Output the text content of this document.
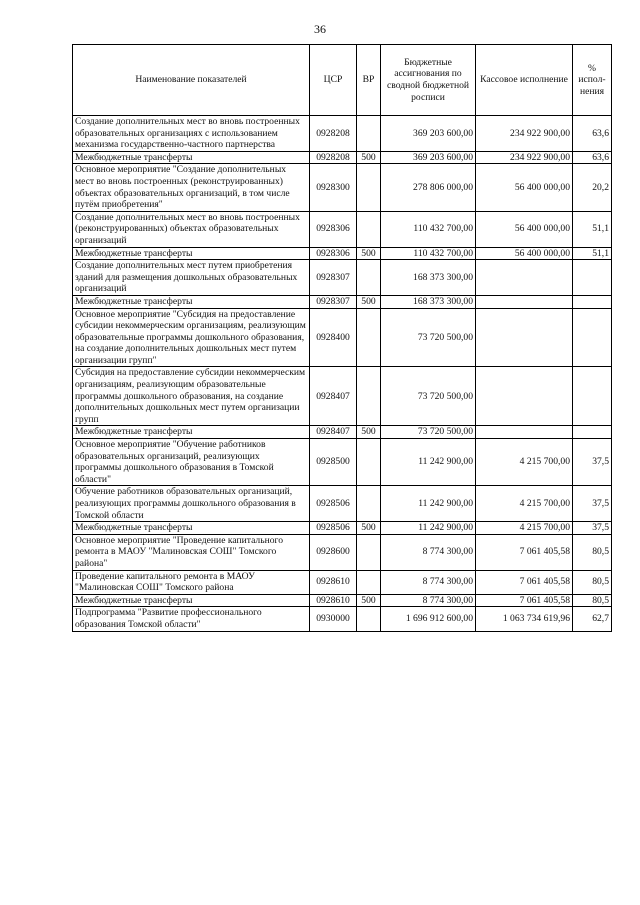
36
Наименование показателей	ЦСР	ВР	Бюджетные ассигнования по сводной бюджетной росписи	Кассовое исполнение	% испол-нения
Создание дополнительных мест во вновь построенных образовательных организациях с использованием механизма государственно-частного партнерства	0928208		369 203 600,00	234 922 900,00	63,6
Межбюджетные трансферты	0928208	500	369 203 600,00	234 922 900,00	63,6
Основное мероприятие "Создание дополнительных мест во вновь построенных (реконструированных) объектах образовательных организаций, в том числе путём приобретения"	0928300		278 806 000,00	56 400 000,00	20,2
Создание дополнительных мест во вновь построенных (реконструированных) объектах образовательных организаций	0928306		110 432 700,00	56 400 000,00	51,1
Межбюджетные трансферты	0928306	500	110 432 700,00	56 400 000,00	51,1
Создание дополнительных мест путем приобретения зданий для размещения дошкольных образовательных организаций	0928307		168 373 300,00		
Межбюджетные трансферты	0928307	500	168 373 300,00		
Основное мероприятие "Субсидия на предоставление субсидии некоммерческим организациям, реализующим образовательные программы дошкольного образования, на создание дополнительных дошкольных мест путем организации групп"	0928400		73 720 500,00		
Субсидия на предоставление субсидии некоммерческим организациям, реализующим образовательные программы дошкольного образования, на создание дополнительных дошкольных мест путем организации групп	0928407		73 720 500,00		
Межбюджетные трансферты	0928407	500	73 720 500,00		
Основное мероприятие "Обучение работников образовательных организаций, реализующих программы дошкольного образования в Томской области"	0928500		11 242 900,00	4 215 700,00	37,5
Обучение работников образовательных организаций, реализующих программы дошкольного образования в Томской области	0928506		11 242 900,00	4 215 700,00	37,5
Межбюджетные трансферты	0928506	500	11 242 900,00	4 215 700,00	37,5
Основное мероприятие "Проведение капитального ремонта в МАОУ "Малиновская СОШ" Томского района"	0928600		8 774 300,00	7 061 405,58	80,5
Проведение капитального ремонта в МАОУ "Малиновская СОШ" Томского района	0928610		8 774 300,00	7 061 405,58	80,5
Межбюджетные трансферты	0928610	500	8 774 300,00	7 061 405,58	80,5
Подпрограмма "Развитие профессионального образования Томской области"	0930000		1 696 912 600,00	1 063 734 619,96	62,7
